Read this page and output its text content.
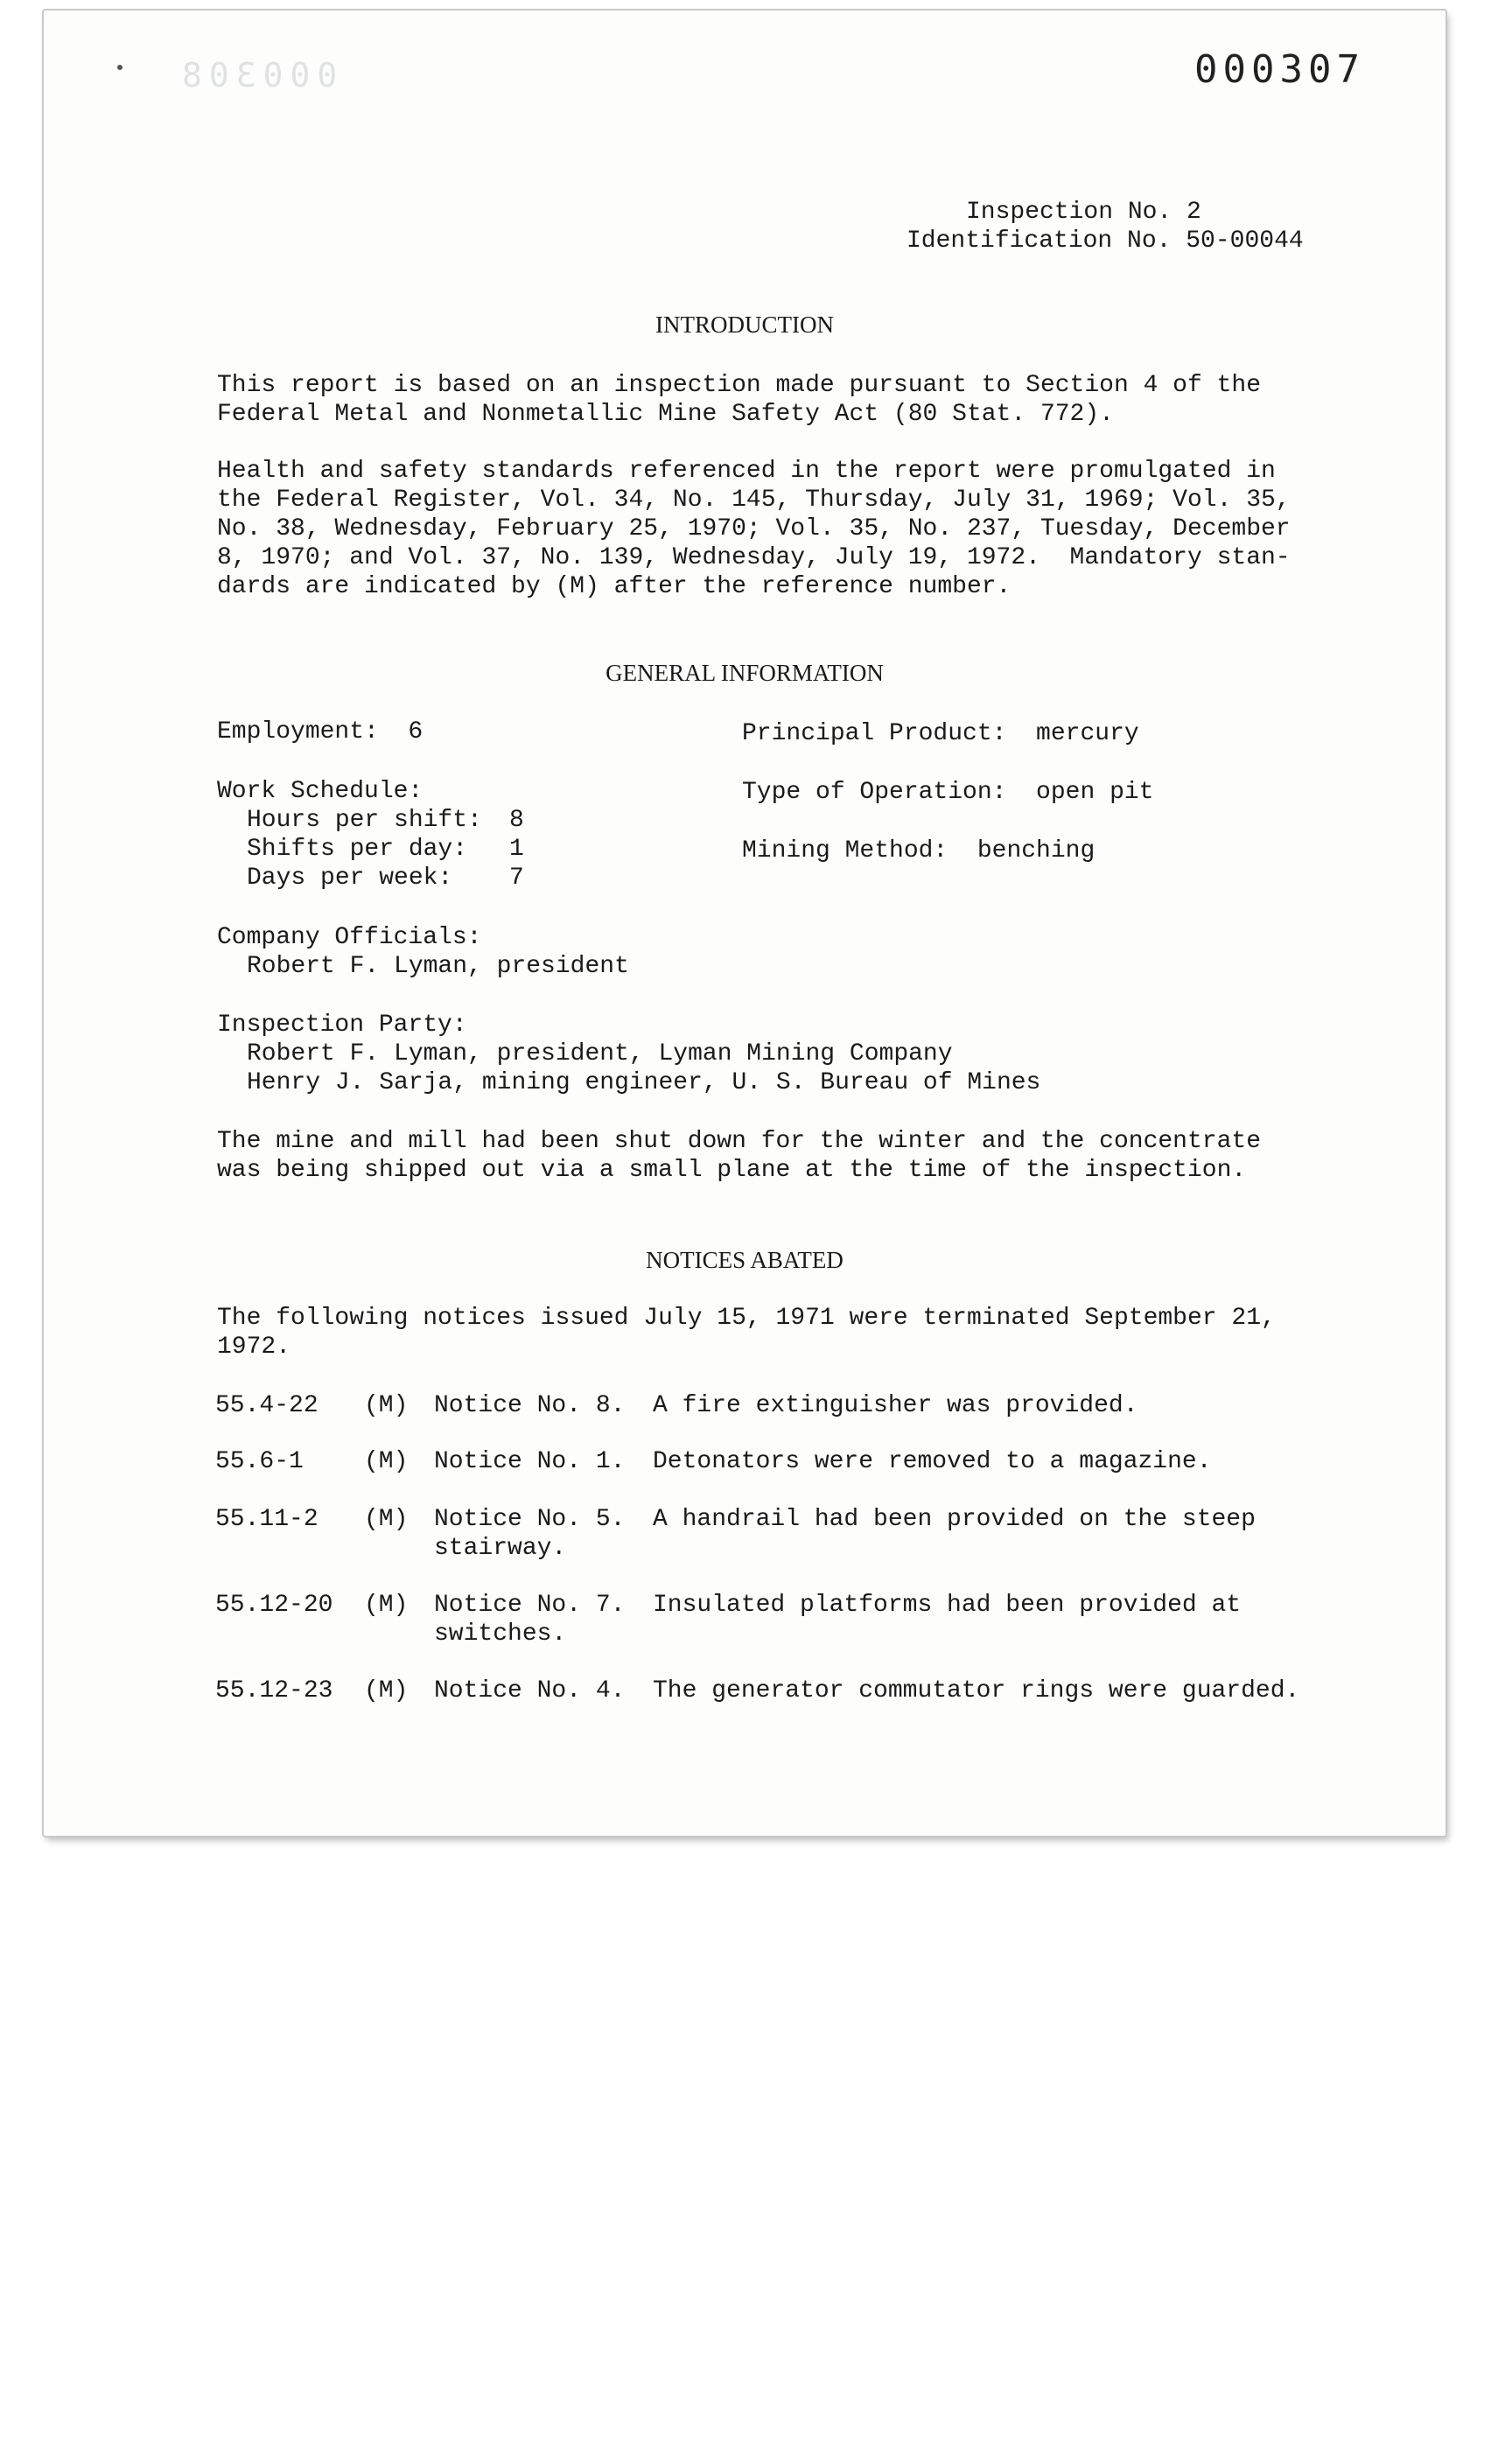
000308	000307
Inspection No. 2
Identification No. 50-00044
INTRODUCTION
This report is based on an inspection made pursuant to Section 4 of the
Federal Metal and Nonmetallic Mine Safety Act (80 Stat. 772).
Health and safety standards referenced in the report were promulgated in
the Federal Register, Vol. 34, No. 145, Thursday, July 31, 1969; Vol. 35,
No. 38, Wednesday, February 25, 1970; Vol. 35, No. 237, Tuesday, December
8, 1970; and Vol. 37, No. 139, Wednesday, July 19, 1972.  Mandatory stan-
dards are indicated by (M) after the reference number.
GENERAL INFORMATION
Employment:  6
Work Schedule:
Hours per shift: 8
Shifts per day: 1
Days per week: 7
Principal Product:  mercury
Type of Operation:  open pit
Mining Method:  benching
Company Officials:
Robert F. Lyman, president
Inspection Party:
Robert F. Lyman, president, Lyman Mining Company
Henry J. Sarja, mining engineer, U. S. Bureau of Mines
The mine and mill had been shut down for the winter and the concentrate
was being shipped out via a small plane at the time of the inspection.
NOTICES ABATED
The following notices issued July 15, 1971 were terminated September 21,
1972.
55.4-22 (M) Notice No. 8. A fire extinguisher was provided.
55.6-1 (M) Notice No. 1. Detonators were removed to a magazine.
55.11-2 (M) Notice No. 5. A handrail had been provided on the steep
stairway.
55.12-20 (M) Notice No. 7. Insulated platforms had been provided at
switches.
55.12-23 (M) Notice No. 4. The generator commutator rings were guarded.
